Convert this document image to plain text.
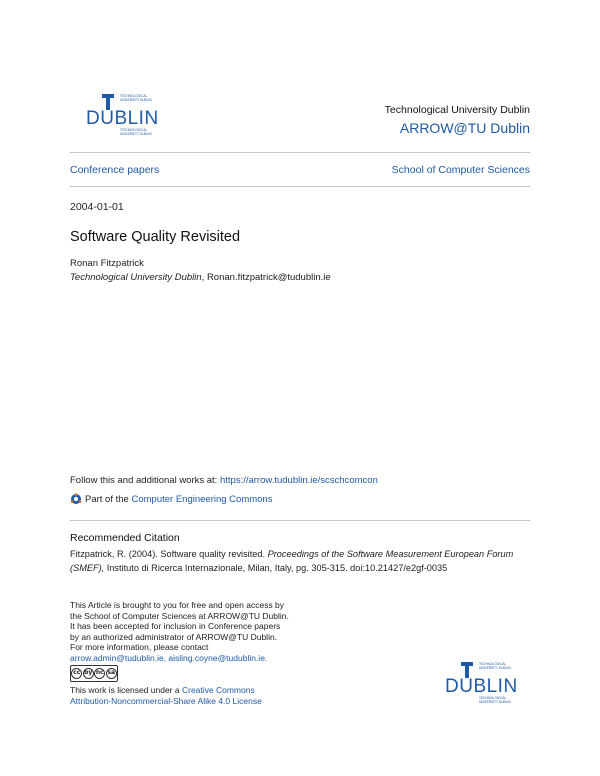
TECHNOLOGICAL
UNIVERSITY DUBLIN
DUBLIN
TECHNOLOGICAL
UNIVERSITY DUBLIN
Technological University Dublin
ARROW@TU Dublin
Conference papers	School of Computer Sciences
2004-01-01
Software Quality Revisited
Ronan Fitzpatrick
Technological University Dublin, Ronan.fitzpatrick@tudublin.ie
Follow this and additional works at: https://arrow.tudublin.ie/scschcomcon
Part of the
Computer Engineering Commons
Recommended Citation
Fitzpatrick, R. (2004). Software quality revisited. Proceedings of the Software Measurement European Forum (SMEF), Instituto di Ricerca Internazionale, Milan, Italy, pg. 305-315. doi:10.21427/e2gf-0035
This Article is brought to you for free and open access by
the School of Computer Sciences at ARROW@TU Dublin.
It has been accepted for inclusion in Conference papers
by an authorized administrator of ARROW@TU Dublin.
For more information, please contact
arrow.admin@tudublin.ie, aisling.coyne@tudublin.ie.
cc by nc sa
This work is licensed under a Creative Commons
Attribution-Noncommercial-Share Alike 4.0 License
TECHNOLOGICAL
UNIVERSITY DUBLIN
DUBLIN
TECHNOLOGICAL
UNIVERSITY DUBLIN
